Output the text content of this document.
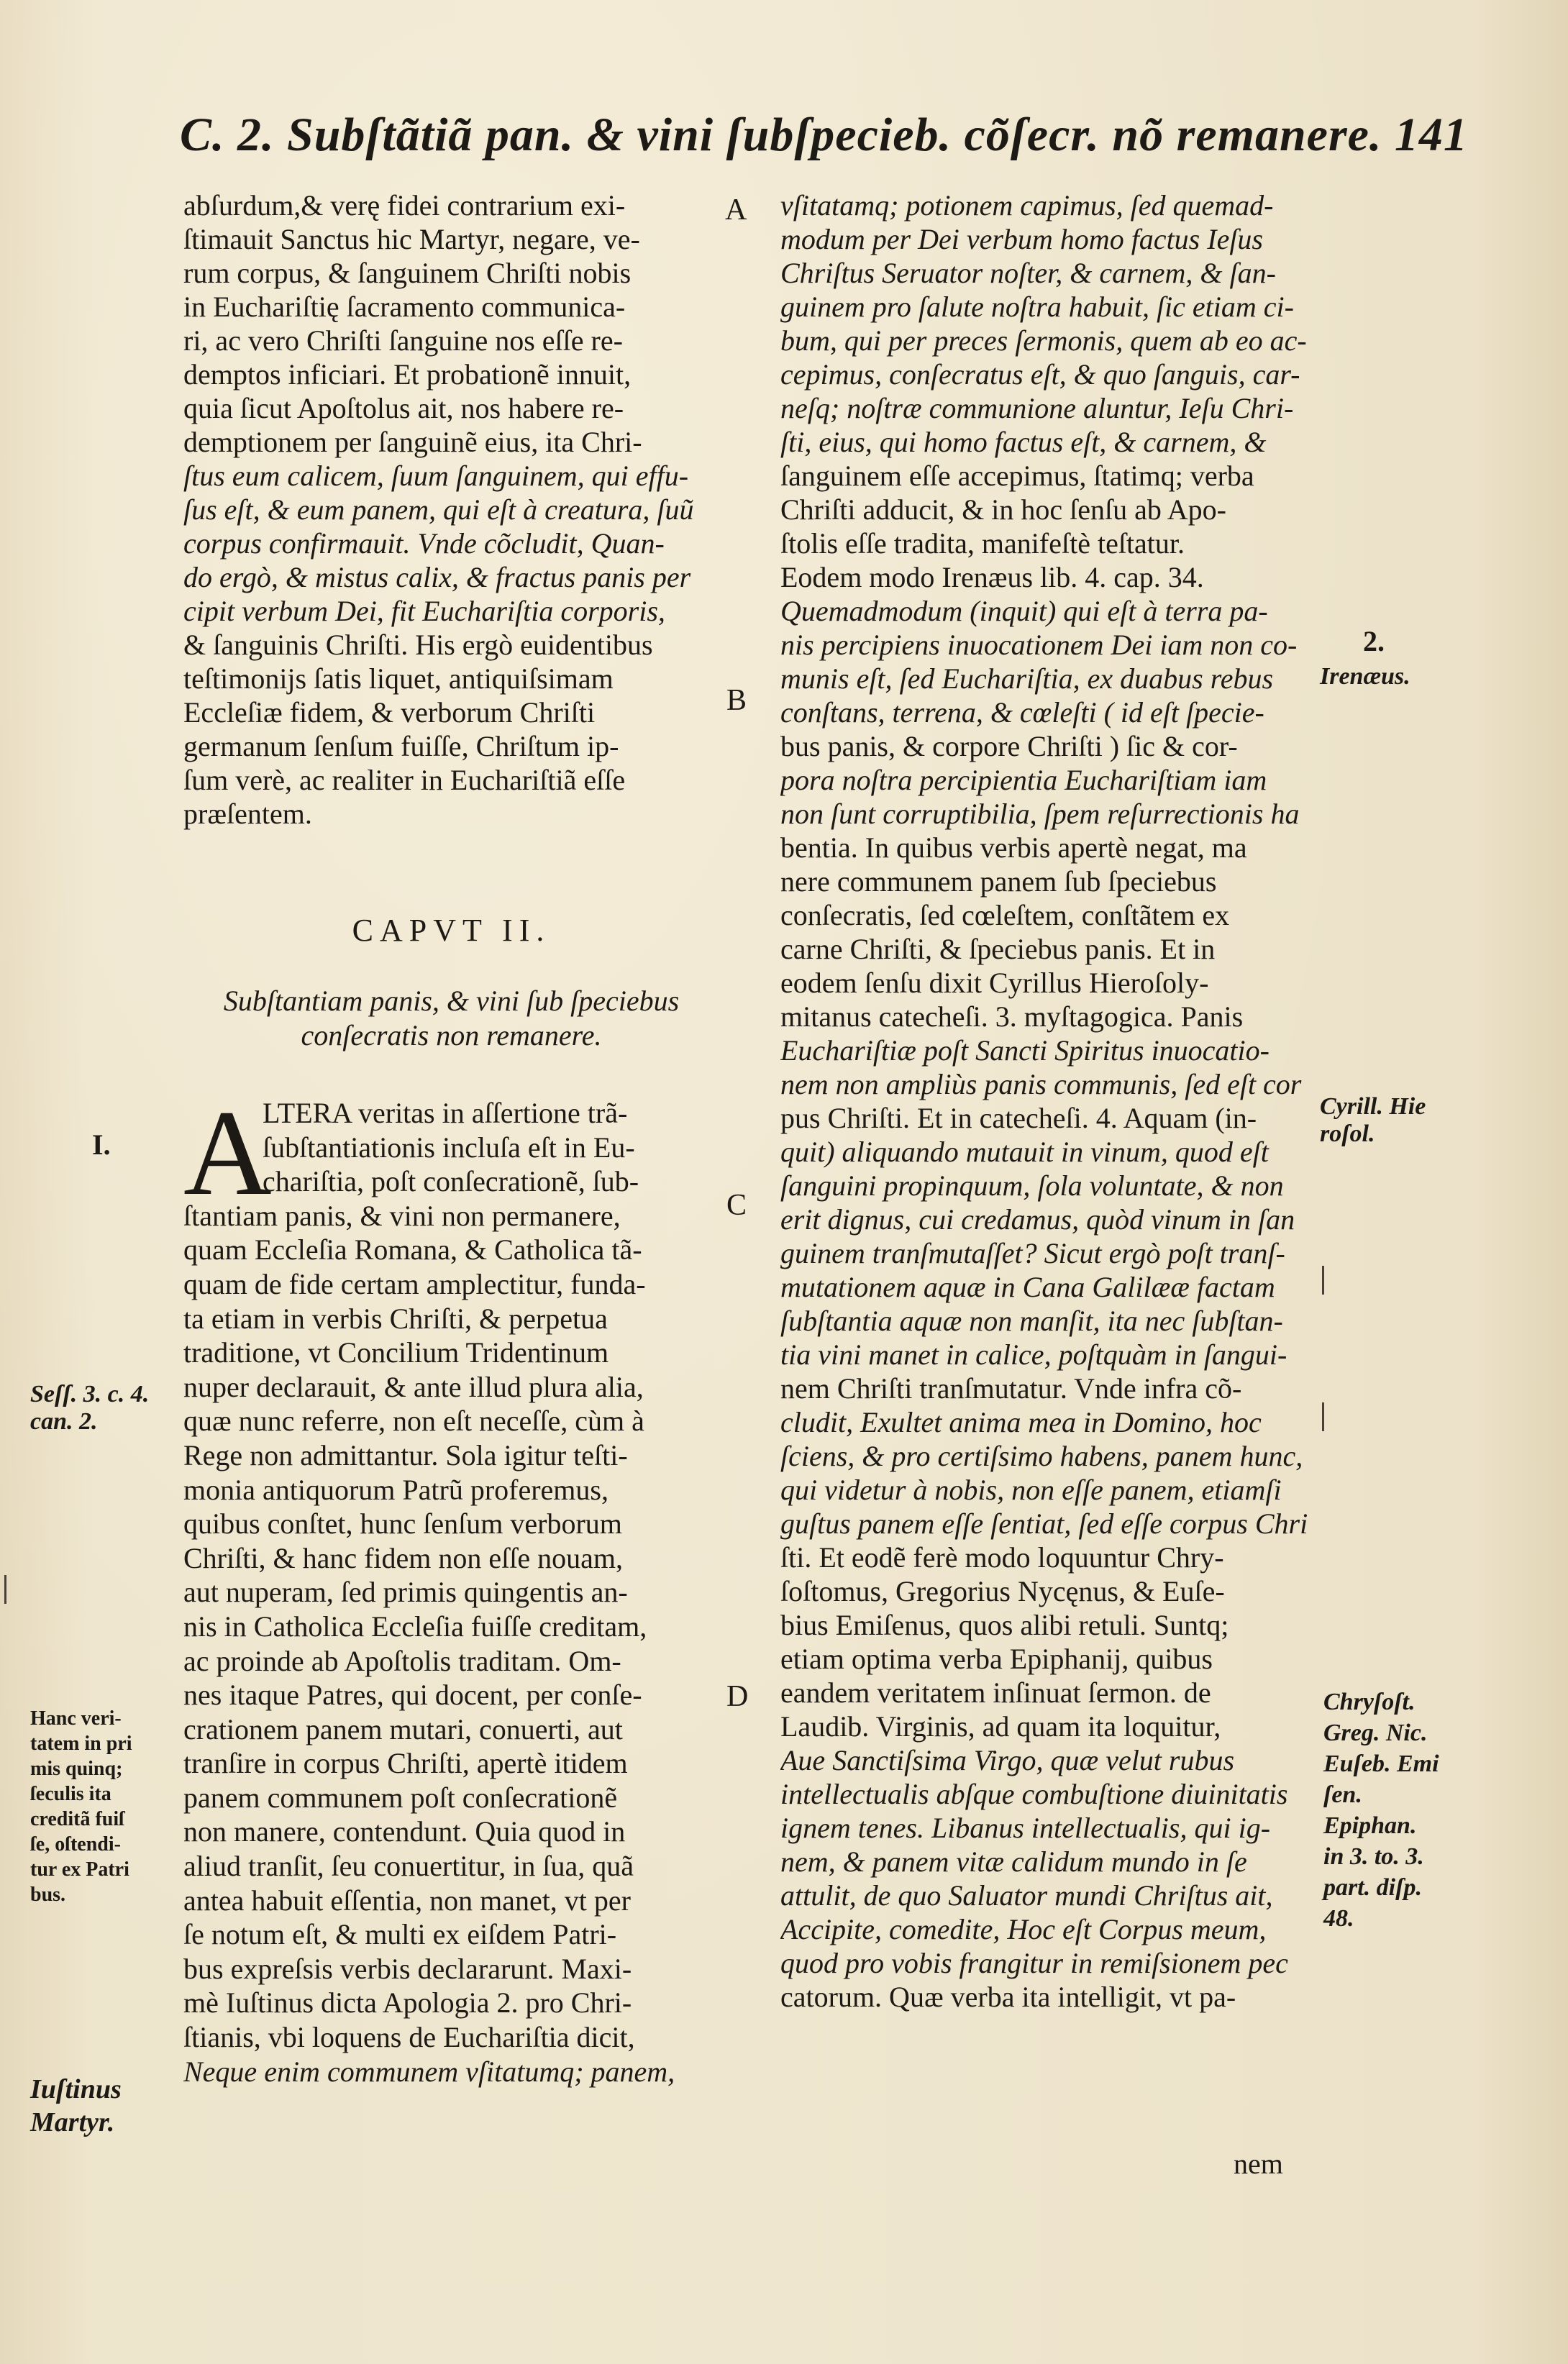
C. 2. Subſtãtiã pan. & vini ſubſpecieb. cõſecr. nõ remanere. 141
A
B
C
D
abſurdum,& verę fidei contrarium exi-
ſtimauit Sanctus hic Martyr, negare, ve-
rum corpus, & ſanguinem Chriſti nobis
in Euchariſtię ſacramento communica-
ri, ac vero Chriſti ſanguine nos eſſe re-
demptos inficiari. Et probationẽ innuit,
quia ſicut Apoſtolus ait, nos habere re-
demptionem per ſanguinẽ eius, ita Chri-
ſtus eum calicem, ſuum ſanguinem, qui effu-
ſus eſt, & eum panem, qui eſt à creatura, ſuũ
corpus confirmauit. Vnde cõcludit, Quan-
do ergò, & mistus calix, & fractus panis per
cipit verbum Dei, fit Euchariſtia corporis,
& ſanguinis Chriſti. His ergò euidentibus
teſtimonijs ſatis liquet, antiquiſsimam
Eccleſiæ fidem, & verborum Chriſti
germanum ſenſum fuiſſe, Chriſtum ip-
ſum verè, ac realiter in Euchariſtiã eſſe
præſentem.
CAPVT II.
Subſtantiam panis, & vini ſub ſpeciebus
conſecratis non remanere.
A
LTERA veritas in aſſertione trã-
ſubſtantiationis incluſa eſt in Eu-
chariſtia, poſt conſecrationẽ, ſub-
ſtantiam panis, & vini non permanere,
quam Eccleſia Romana, & Catholica tã-
quam de fide certam amplectitur, funda-
ta etiam in verbis Chriſti, & perpetua
traditione, vt Concilium Tridentinum
nuper declarauit, & ante illud plura alia,
quæ nunc referre, non eſt neceſſe, cùm à
Rege non admittantur. Sola igitur teſti-
monia antiquorum Patrũ proferemus,
quibus conſtet, hunc ſenſum verborum
Chriſti, & hanc fidem non eſſe nouam,
aut nuperam, ſed primis quingentis an-
nis in Catholica Eccleſia fuiſſe creditam,
ac proinde ab Apoſtolis traditam. Om-
nes itaque Patres, qui docent, per conſe-
crationem panem mutari, conuerti, aut
tranſire in corpus Chriſti, apertè itidem
panem communem poſt conſecrationẽ
non manere, contendunt. Quia quod in
aliud tranſit, ſeu conuertitur, in ſua, quã
antea habuit eſſentia, non manet, vt per
ſe notum eſt, & multi ex eiſdem Patri-
bus expreſsis verbis declararunt. Maxi-
mè Iuſtinus dicta Apologia 2. pro Chri-
ſtianis, vbi loquens de Euchariſtia dicit,
Neque enim communem vſitatumq; panem,
vſitatamq; potionem capimus, ſed quemad-
modum per Dei verbum homo factus Ieſus
Chriſtus Seruator noſter, & carnem, & ſan-
guinem pro ſalute noſtra habuit, ſic etiam ci-
bum, qui per preces ſermonis, quem ab eo ac-
cepimus, conſecratus eſt, & quo ſanguis, car-
neſq; noſtræ communione aluntur, Ieſu Chri-
ſti, eius, qui homo factus eſt, & carnem, &
ſanguinem eſſe accepimus, ſtatimq; verba
Chriſti adducit, & in hoc ſenſu ab Apo-
ſtolis eſſe tradita, manifeſtè teſtatur.
Eodem modo Irenæus lib. 4. cap. 34.
Quemadmodum (inquit) qui eſt à terra pa-
nis percipiens inuocationem Dei iam non co-
munis eſt, ſed Euchariſtia, ex duabus rebus
conſtans, terrena, & cœleſti ( id eſt ſpecie-
bus panis, & corpore Chriſti ) ſic & cor-
pora noſtra percipientia Euchariſtiam iam
non ſunt corruptibilia, ſpem reſurrectionis ha
bentia. In quibus verbis apertè negat, ma
nere communem panem ſub ſpeciebus
conſecratis, ſed cœleſtem, conſtãtem ex
carne Chriſti, & ſpeciebus panis. Et in
eodem ſenſu dixit Cyrillus Hieroſoly-
mitanus catecheſi. 3. myſtagogica. Panis
Euchariſtiæ poſt Sancti Spiritus inuocatio-
nem non ampliùs panis communis, ſed eſt cor
pus Chriſti. Et in catecheſi. 4. Aquam (in-
quit) aliquando mutauit in vinum, quod eſt
ſanguini propinquum, ſola voluntate, & non
erit dignus, cui credamus, quòd vinum in ſan
guinem tranſmutaſſet? Sicut ergò poſt tranſ-
mutationem aquæ in Cana Galilææ factam
ſubſtantia aquæ non manſit, ita nec ſubſtan-
tia vini manet in calice, poſtquàm in ſangui-
nem Chriſti tranſmutatur. Vnde infra cõ-
cludit, Exultet anima mea in Domino, hoc
ſciens, & pro certiſsimo habens, panem hunc,
qui videtur à nobis, non eſſe panem, etiamſi
guſtus panem eſſe ſentiat, ſed eſſe corpus Chri
ſti. Et eodẽ ferè modo loquuntur Chry-
ſoſtomus, Gregorius Nycęnus, & Euſe-
bius Emiſenus, quos alibi retuli. Suntq;
etiam optima verba Epiphanij, quibus
eandem veritatem inſinuat ſermon. de
Laudib. Virginis, ad quam ita loquitur,
Aue Sanctiſsima Virgo, quæ velut rubus
intellectualis abſque combuſtione diuinitatis
ignem tenes. Libanus intellectualis, qui ig-
nem, & panem vitæ calidum mundo in ſe
attulit, de quo Saluator mundi Chriſtus ait,
Accipite, comedite, Hoc eſt Corpus meum,
quod pro vobis frangitur in remiſsionem pec
catorum. Quæ verba ita intelligit, vt pa-
nem
I.
Seſſ. 3. c. 4.
can. 2.
Hanc veri-
tatem in pri
mis quinq;
ſeculis ita
creditã fuiſ
ſe, oſtendi-
tur ex Patri
bus.
Iuſtinus
Martyr.
2.
Irenæus.
Cyrill. Hie
roſol.
Chryſoſt.
Greg. Nic.
Euſeb. Emi
ſen.
Epiphan.
in 3. to. 3.
part. diſp.
48.
